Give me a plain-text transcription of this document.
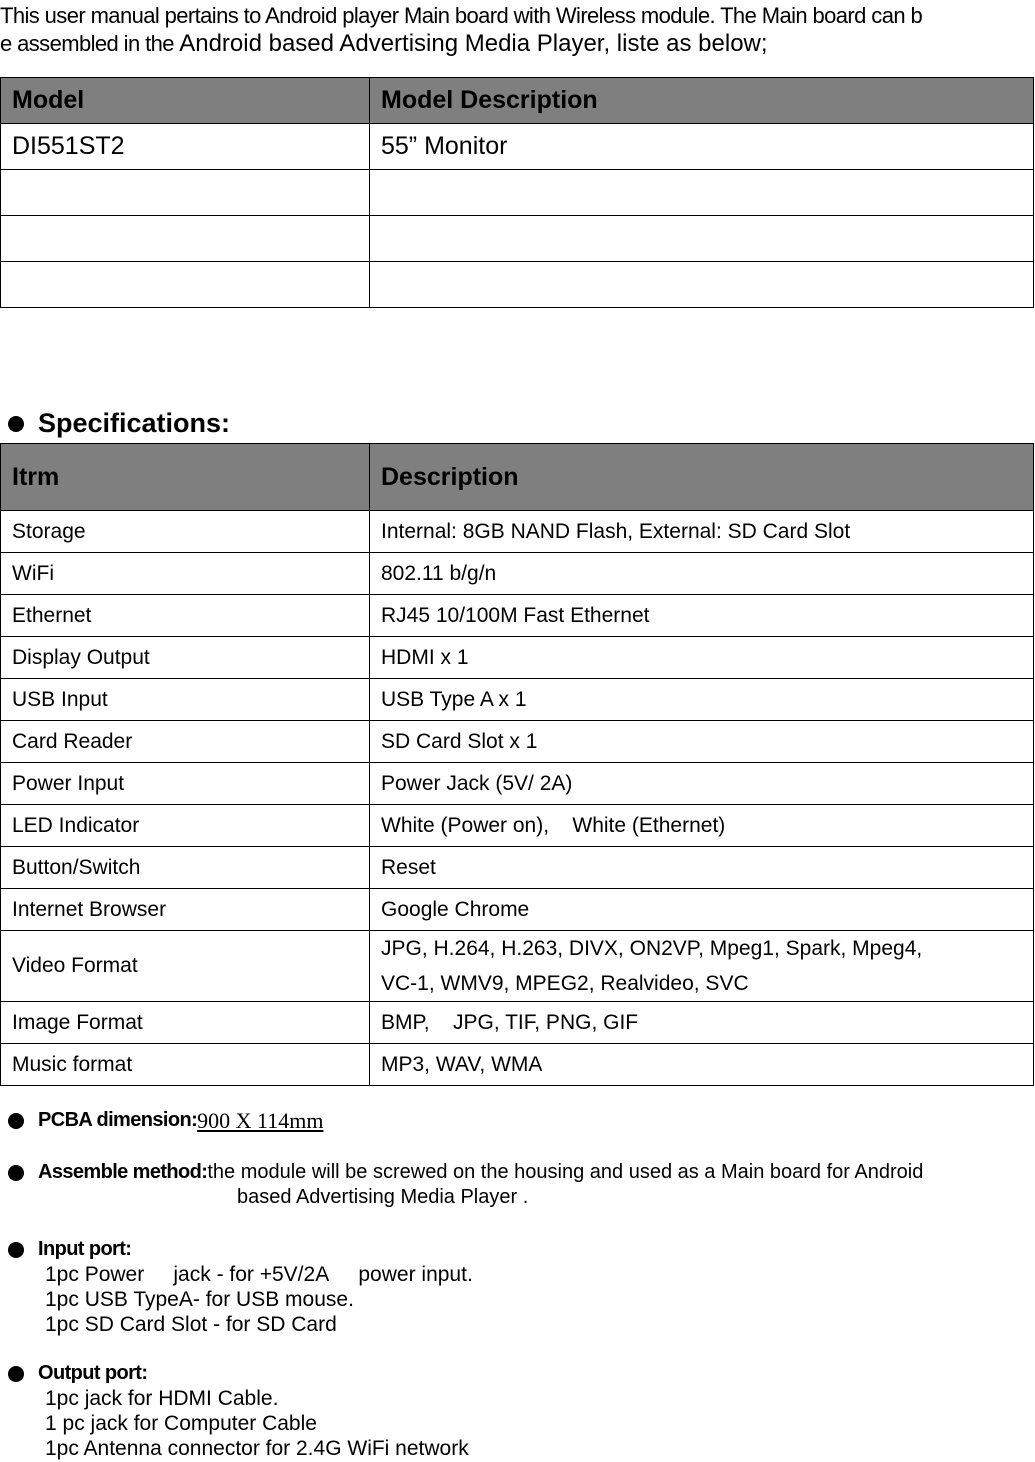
This user manual pertains to Android player Main board with Wireless module. The Main board can b
e assembled in the Android based Advertising Media Player, liste as below;
Model	Model Description
DI551ST2	55” Monitor

Specifications:
Itrm	Description
Storage	Internal: 8GB NAND Flash, External: SD Card Slot
WiFi	802.11 b/g/n
Ethernet	RJ45 10/100M Fast Ethernet
Display Output	HDMI x 1
USB Input	USB Type A x 1
Card Reader	SD Card Slot x 1
Power Input	Power Jack (5V/ 2A)
LED Indicator	White (Power on),    White (Ethernet)
Button/Switch	Reset
Internet Browser	Google Chrome
Video Format	JPG, H.264, H.263, DIVX, ON2VP, Mpeg1, Spark, Mpeg4,
VC-1, WMV9, MPEG2, Realvideo, SVC

Image Format	BMP,    JPG, TIF, PNG, GIF
Music format	MP3, WAV, WMA
PCBA dimension: 900 X 114mm
Assemble method: the module will be screwed on the housing and used as a Main board for Android
based Advertising Media Player .
Input port:
1pc Power     jack - for +5V/2A     power input.
1pc USB TypeA- for USB mouse.
1pc SD Card Slot - for SD Card
Output port:
1pc jack for HDMI Cable.
1 pc jack for Computer Cable
1pc Antenna connector for 2.4G WiFi network
